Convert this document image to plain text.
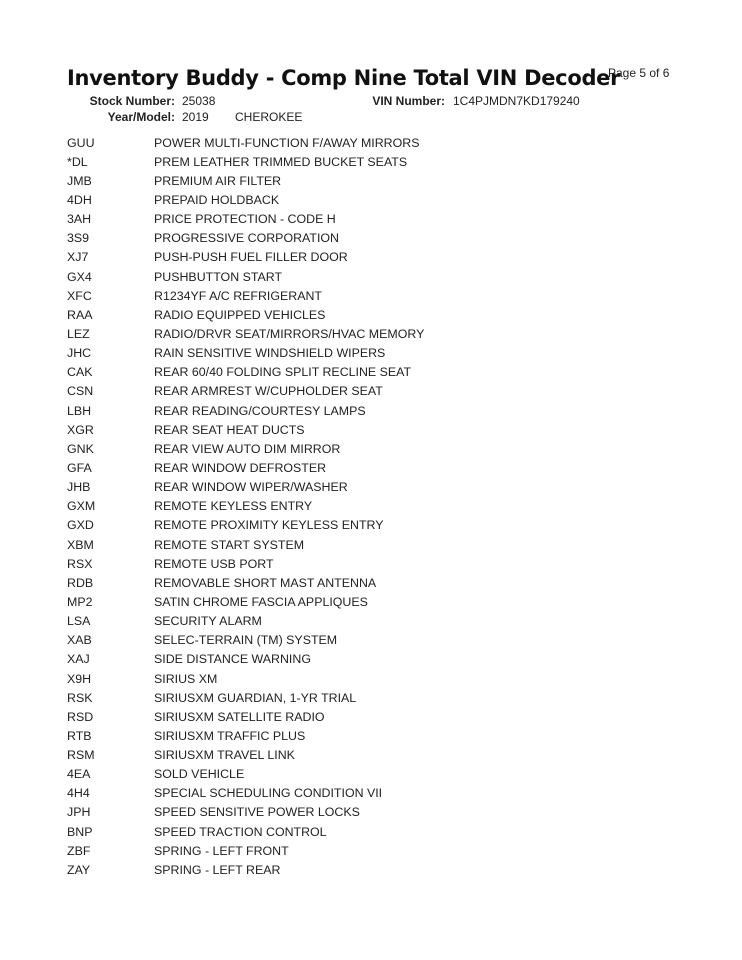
Inventory Buddy - Comp Nine Total VIN Decoder
Page 5 of 6
Stock Number: 25038	VIN Number: 1C4PJMDN7KD179240
Year/Model: 2019 CHEROKEE
GUU	POWER MULTI-FUNCTION F/AWAY MIRRORS
*DL	PREM LEATHER TRIMMED BUCKET SEATS
JMB	PREMIUM AIR FILTER
4DH	PREPAID HOLDBACK
3AH	PRICE PROTECTION - CODE H
3S9	PROGRESSIVE CORPORATION
XJ7	PUSH-PUSH FUEL FILLER DOOR
GX4	PUSHBUTTON START
XFC	R1234YF A/C REFRIGERANT
RAA	RADIO EQUIPPED VEHICLES
LEZ	RADIO/DRVR SEAT/MIRRORS/HVAC MEMORY
JHC	RAIN SENSITIVE WINDSHIELD WIPERS
CAK	REAR 60/40 FOLDING SPLIT RECLINE SEAT
CSN	REAR ARMREST W/CUPHOLDER SEAT
LBH	REAR READING/COURTESY LAMPS
XGR	REAR SEAT HEAT DUCTS
GNK	REAR VIEW AUTO DIM MIRROR
GFA	REAR WINDOW DEFROSTER
JHB	REAR WINDOW WIPER/WASHER
GXM	REMOTE KEYLESS ENTRY
GXD	REMOTE PROXIMITY KEYLESS ENTRY
XBM	REMOTE START SYSTEM
RSX	REMOTE USB PORT
RDB	REMOVABLE SHORT MAST ANTENNA
MP2	SATIN CHROME FASCIA APPLIQUES
LSA	SECURITY ALARM
XAB	SELEC-TERRAIN (TM) SYSTEM
XAJ	SIDE DISTANCE WARNING
X9H	SIRIUS XM
RSK	SIRIUSXM GUARDIAN, 1-YR TRIAL
RSD	SIRIUSXM SATELLITE RADIO
RTB	SIRIUSXM TRAFFIC PLUS
RSM	SIRIUSXM TRAVEL LINK
4EA	SOLD VEHICLE
4H4	SPECIAL SCHEDULING CONDITION VII
JPH	SPEED SENSITIVE POWER LOCKS
BNP	SPEED TRACTION CONTROL
ZBF	SPRING - LEFT FRONT
ZAY	SPRING - LEFT REAR
